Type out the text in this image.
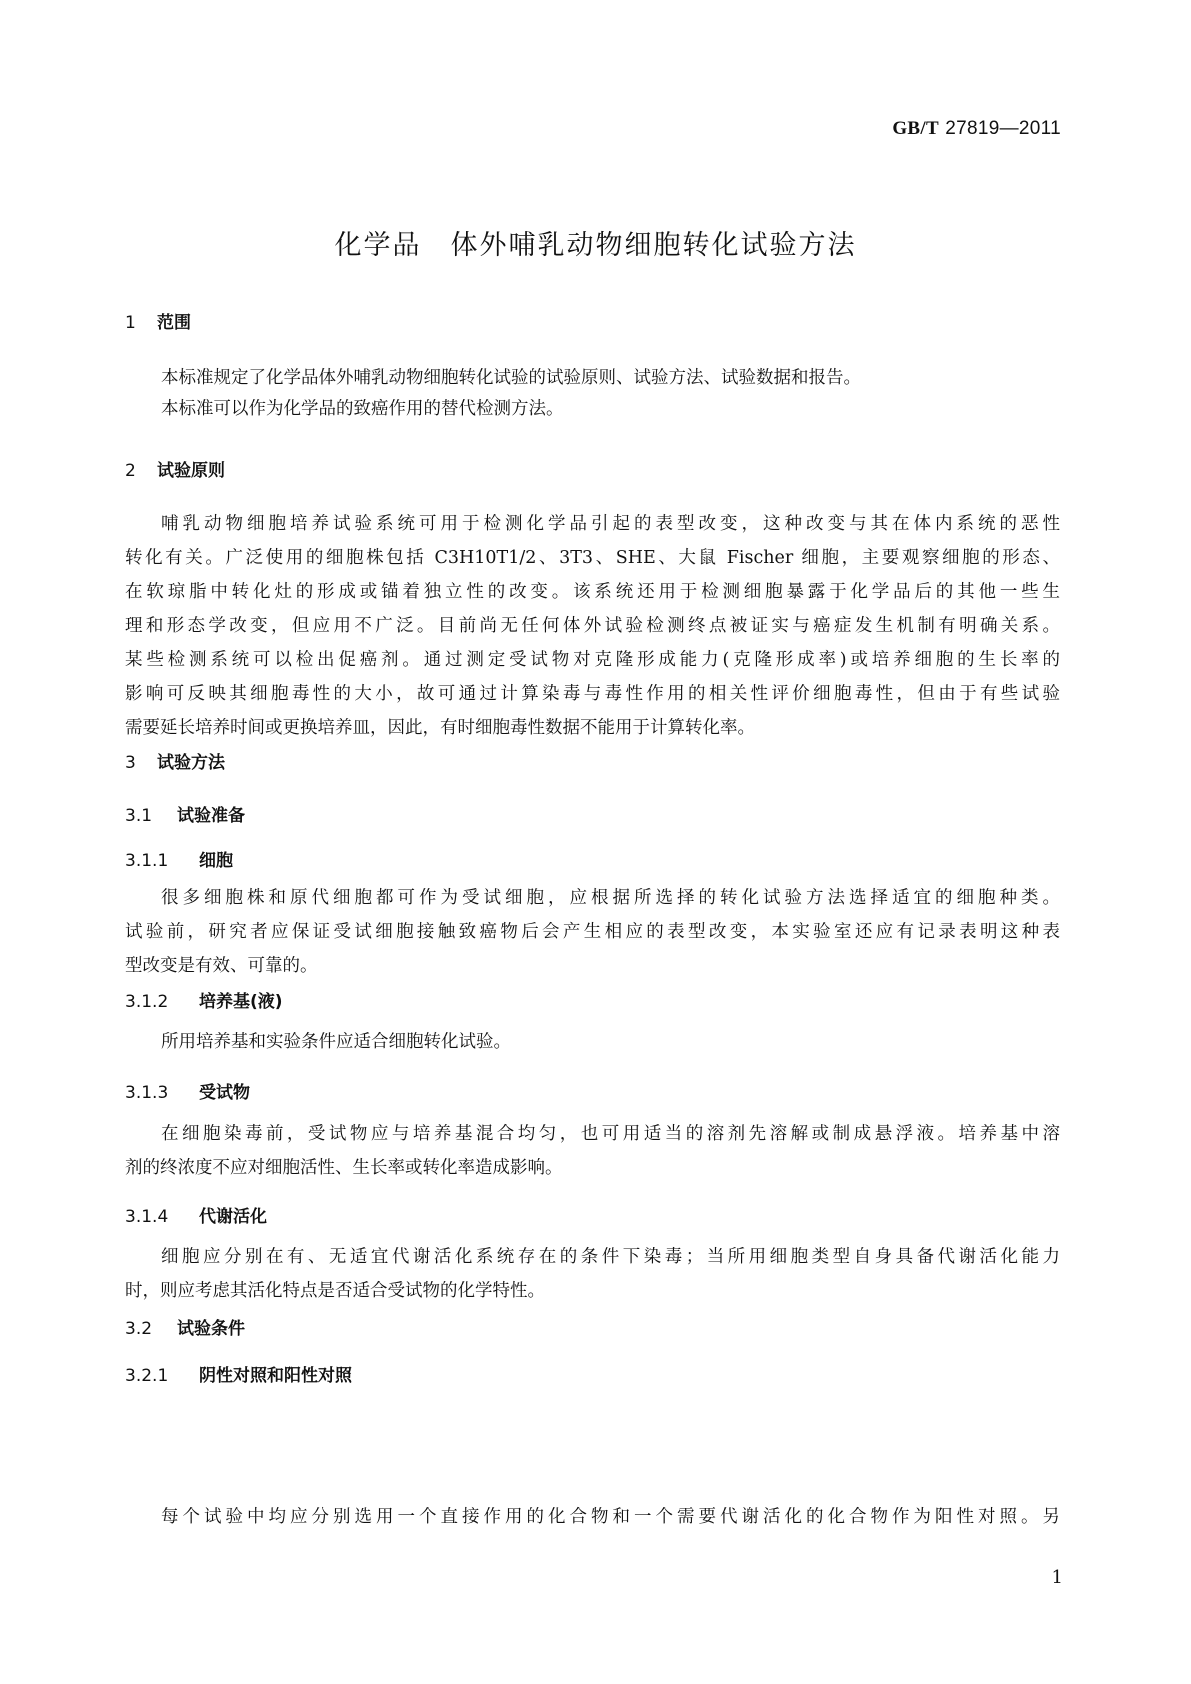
GB/T 27819—2011
化学品　体外哺乳动物细胞转化试验方法
1 范围
本标准规定了化学品体外哺乳动物细胞转化试验的试验原则、试验方法、试验数据和报告。
本标准可以作为化学品的致癌作用的替代检测方法。
2 试验原则
哺乳动物细胞培养试验系统可用于检测化学品引起的表型改变，这种改变与其在体内系统的恶性
转化有关。广泛使用的细胞株包括 C3H10T1/2、3T3、SHE、大鼠 Fischer 细胞，主要观察细胞的形态、
在软琼脂中转化灶的形成或锚着独立性的改变。该系统还用于检测细胞暴露于化学品后的其他一些生
理和形态学改变，但应用不广泛。目前尚无任何体外试验检测终点被证实与癌症发生机制有明确关系。
某些检测系统可以检出促癌剂。通过测定受试物对克隆形成能力(克隆形成率)或培养细胞的生长率的
影响可反映其细胞毒性的大小，故可通过计算染毒与毒性作用的相关性评价细胞毒性，但由于有些试验
需要延长培养时间或更换培养皿，因此，有时细胞毒性数据不能用于计算转化率。
3 试验方法
3.1 试验准备
3.1.1 细胞
很多细胞株和原代细胞都可作为受试细胞，应根据所选择的转化试验方法选择适宜的细胞种类。
试验前，研究者应保证受试细胞接触致癌物后会产生相应的表型改变，本实验室还应有记录表明这种表
型改变是有效、可靠的。
3.1.2 培养基(液)
所用培养基和实验条件应适合细胞转化试验。
3.1.3 受试物
在细胞染毒前，受试物应与培养基混合均匀，也可用适当的溶剂先溶解或制成悬浮液。培养基中溶
剂的终浓度不应对细胞活性、生长率或转化率造成影响。
3.1.4 代谢活化
细胞应分别在有、无适宜代谢活化系统存在的条件下染毒；当所用细胞类型自身具备代谢活化能力
时，则应考虑其活化特点是否适合受试物的化学特性。
3.2 试验条件
3.2.1 阴性对照和阳性对照
每个试验中均应分别选用一个直接作用的化合物和一个需要代谢活化的化合物作为阳性对照。另
1
